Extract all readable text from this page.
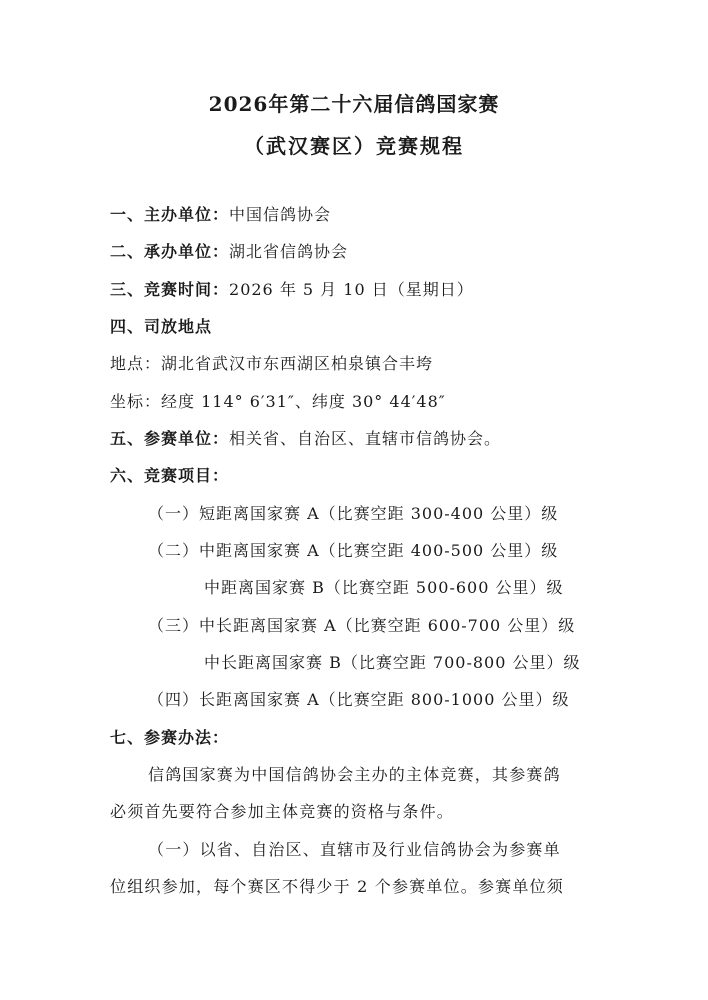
2026年第二十六届信鸽国家赛
（武汉赛区）竞赛规程
一、主办单位：中国信鸽协会
二、承办单位：湖北省信鸽协会
三、竞赛时间：2026 年 5 月 10 日（星期日）
四、司放地点
地点：湖北省武汉市东西湖区柏泉镇合丰垮
坐标：经度 114° 6′31″、纬度 30° 44′48″
五、参赛单位：相关省、自治区、直辖市信鸽协会。
六、竞赛项目：
（一）短距离国家赛 A（比赛空距 300-400 公里）级
（二）中距离国家赛 A（比赛空距 400-500 公里）级
中距离国家赛 B（比赛空距 500-600 公里）级
（三）中长距离国家赛 A（比赛空距 600-700 公里）级
中长距离国家赛 B（比赛空距 700-800 公里）级
（四）长距离国家赛 A（比赛空距 800-1000 公里）级
七、参赛办法：
信鸽国家赛为中国信鸽协会主办的主体竞赛，其参赛鸽
必须首先要符合参加主体竞赛的资格与条件。
（一）以省、自治区、直辖市及行业信鸽协会为参赛单
位组织参加，每个赛区不得少于 2 个参赛单位。参赛单位须
